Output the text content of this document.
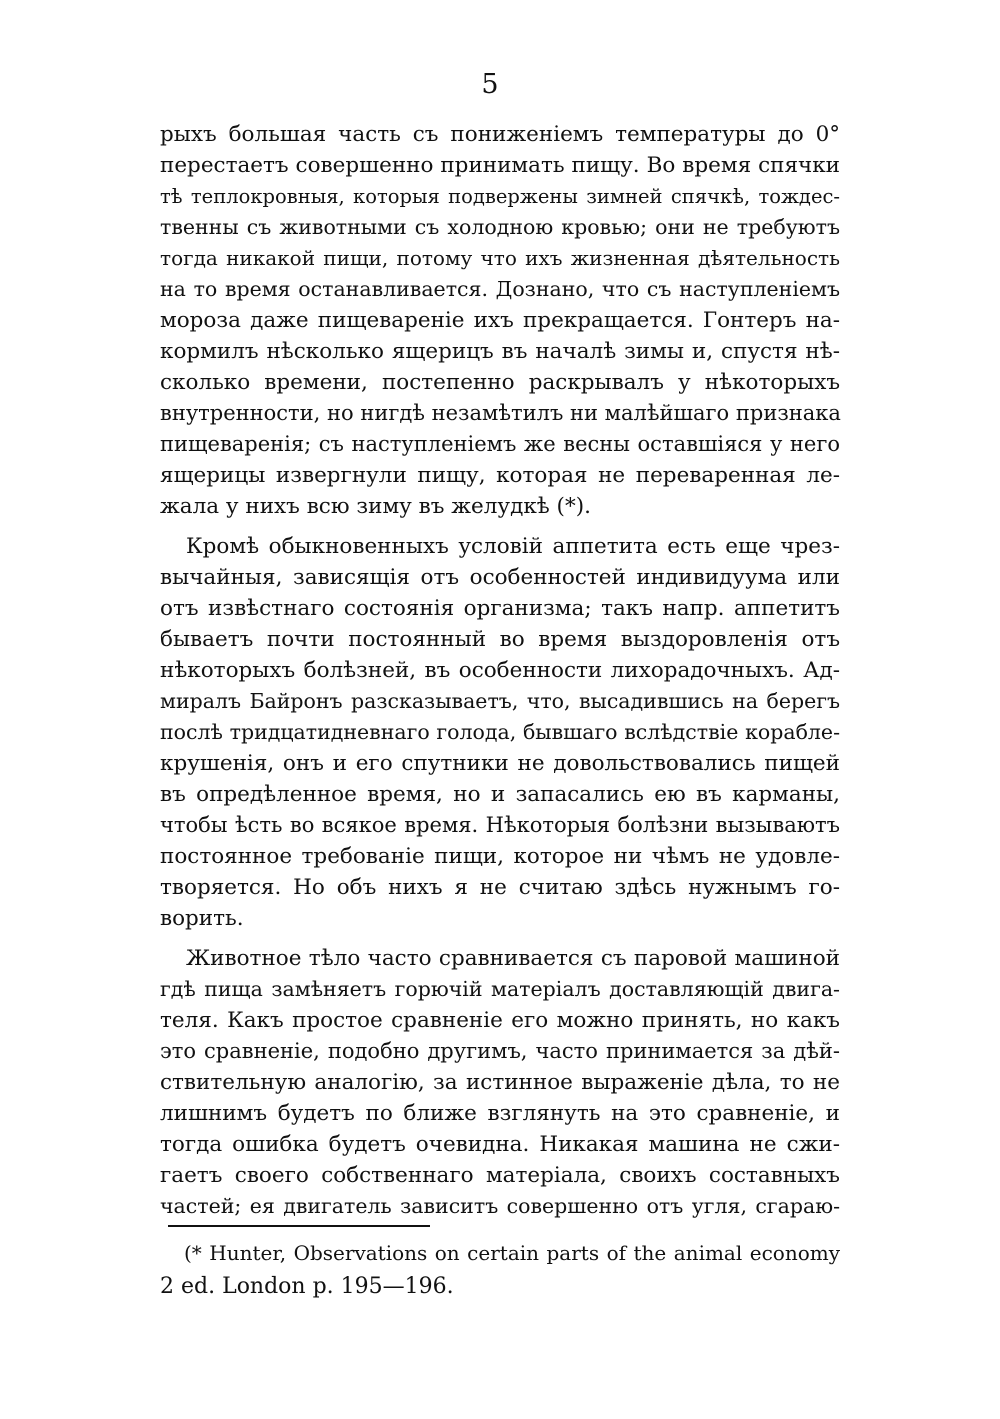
5
рыхъ большая часть съ пониженіемъ температуры до 0°
перестаетъ совершенно принимать пищу. Во время спячки
тѣ теплокровныя, которыя подвержены зимней спячкѣ, тождес-
твенны съ животными съ холодною кровью; они не требуютъ
тогда никакой пищи, потому что ихъ жизненная дѣятельность
на то время останавливается. Дознано, что съ наступленіемъ
мороза даже пищевареніе ихъ прекращается. Гонтеръ на-
кормилъ нѣсколько ящерицъ въ началѣ зимы и, спустя нѣ-
сколько времени, постепенно раскрывалъ у нѣкоторыхъ
внутренности, но нигдѣ незамѣтилъ ни малѣйшаго признака
пищеваренія; съ наступленіемъ же весны оставшіяся у него
ящерицы извергнули пищу, которая не переваренная ле-
жала у нихъ всю зиму въ желудкѣ (*).
Кромѣ обыкновенныхъ условій аппетита есть еще чрез-
вычайныя, зависящія отъ особенностей индивидуума или
отъ извѣстнаго состоянія организма; такъ напр. аппетитъ
бываетъ почти постоянный во время выздоровленія отъ
нѣкоторыхъ болѣзней, въ особенности лихорадочныхъ. Ад-
миралъ Байронъ разсказываетъ, что, высадившись на берегъ
послѣ тридцатидневнаго голода, бывшаго вслѣдствіе корабле-
крушенія, онъ и его спутники не довольствовались пищей
въ опредѣленное время, но и запасались ею въ карманы,
чтобы ѣсть во всякое время. Нѣкоторыя болѣзни вызываютъ
постоянное требованіе пищи, которое ни чѣмъ не удовле-
творяется. Но объ нихъ я не считаю здѣсь нужнымъ го-
ворить.
Животное тѣло часто сравнивается съ паровой машиной
гдѣ пища замѣняетъ горючій матеріалъ доставляющій двига-
теля. Какъ простое сравненіе его можно принять, но какъ
это сравненіе, подобно другимъ, часто принимается за дѣй-
ствительную аналогію, за истинное выраженіе дѣла, то не
лишнимъ будетъ по ближе взглянуть на это сравненіе, и
тогда ошибка будетъ очевидна. Никакая машина не сжи-
гаетъ своего собственнаго матеріала, своихъ составныхъ
частей; ея двигатель зависитъ совершенно отъ угля, сгараю-
(* Hunter, Observations on certain parts of the animal economy
2 ed. London p. 195—196.
